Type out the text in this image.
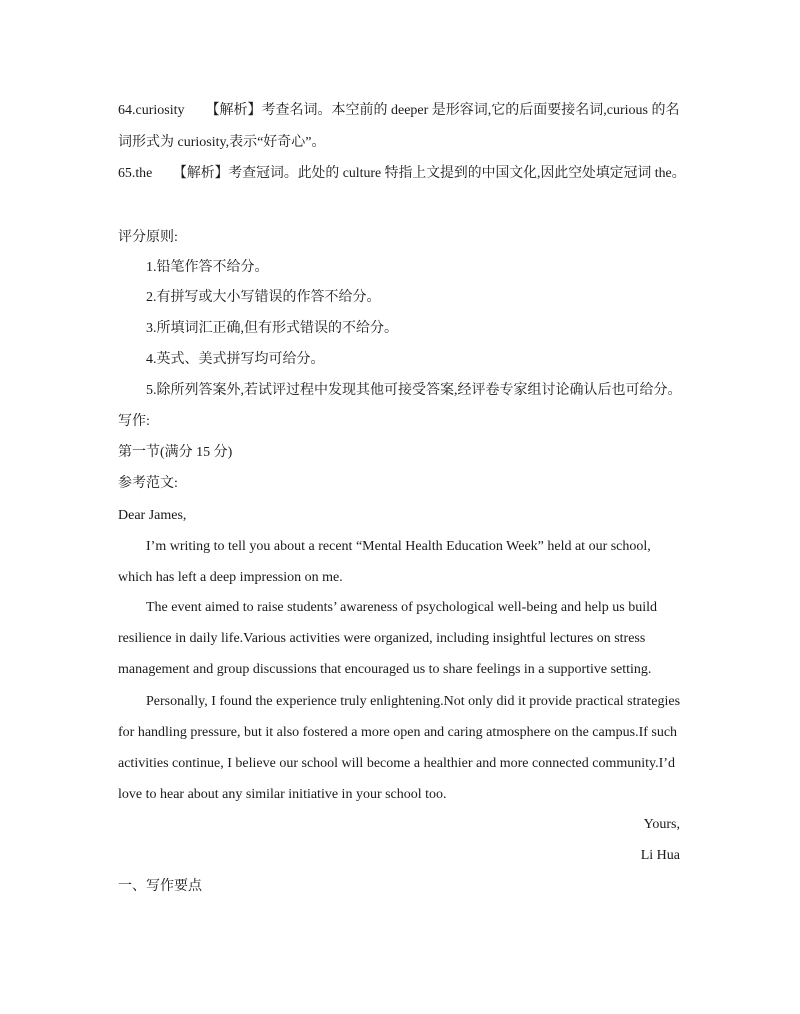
64.curiosity　　【解析】考查名词。本空前的 deeper 是形容词,它的后面要接名词,curious 的名
词形式为 curiosity,表示“好奇心”。
65.the　　【解析】考查冠词。此处的 culture 特指上文提到的中国文化,因此空处填定冠词 the。
评分原则:
1.铅笔作答不给分。
2.有拼写或大小写错误的作答不给分。
3.所填词汇正确,但有形式错误的不给分。
4.英式、美式拼写均可给分。
5.除所列答案外,若试评过程中发现其他可接受答案,经评卷专家组讨论确认后也可给分。
写作:
第一节(满分 15 分)
参考范文:
Dear James,
I’m writing to tell you about a recent “Mental Health Education Week” held at our school,
which has left a deep impression on me.
The event aimed to raise students’ awareness of psychological well-being and help us build
resilience in daily life.Various activities were organized, including insightful lectures on stress
management and group discussions that encouraged us to share feelings in a supportive setting.
Personally, I found the experience truly enlightening.Not only did it provide practical strategies
for handling pressure, but it also fostered a more open and caring atmosphere on the campus.If such
activities continue, I believe our school will become a healthier and more connected community.I’d
love to hear about any similar initiative in your school too.
Yours,
Li Hua
一、写作要点
